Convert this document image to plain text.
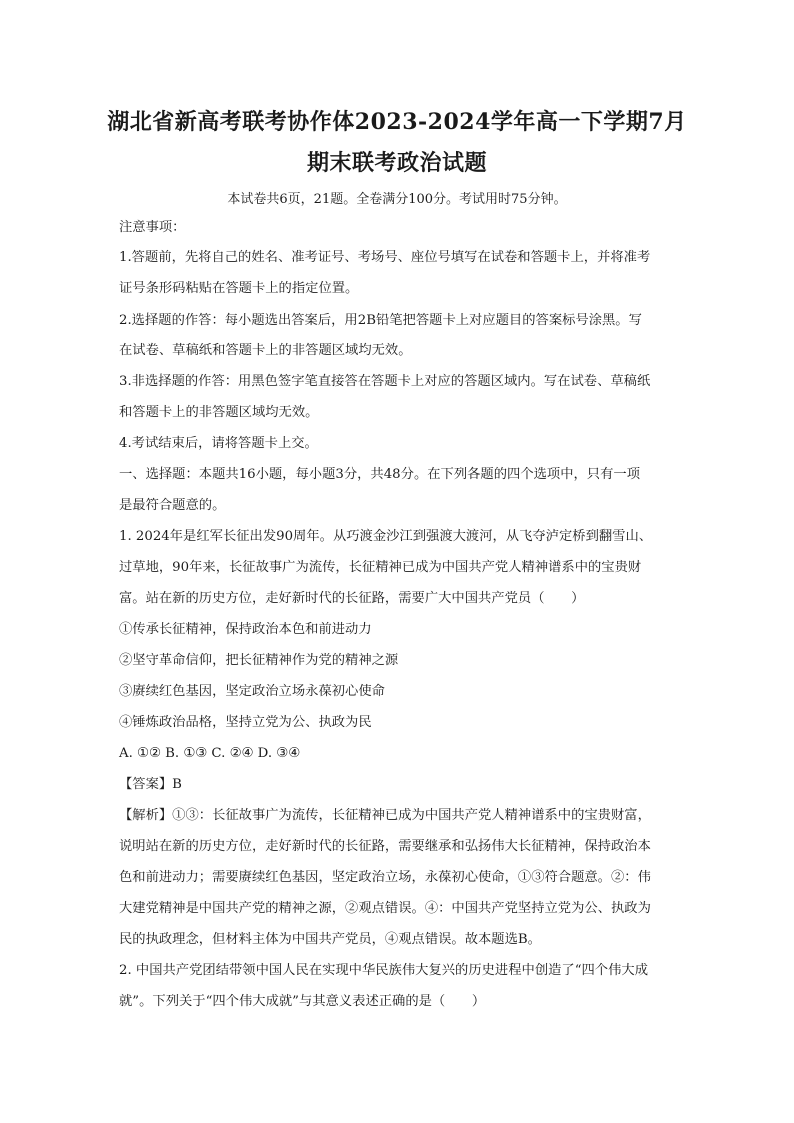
湖北省新高考联考协作体2023-2024学年高一下学期7月
期末联考政治试题
本试卷共6页，21题。全卷满分100分。考试用时75分钟。
注意事项：
1.答题前，先将自己的姓名、准考证号、考场号、座位号填写在试卷和答题卡上，并将准考
证号条形码粘贴在答题卡上的指定位置。
2.选择题的作答：每小题选出答案后，用2B铅笔把答题卡上对应题目的答案标号涂黑。写
在试卷、草稿纸和答题卡上的非答题区域均无效。
3.非选择题的作答：用黑色签字笔直接答在答题卡上对应的答题区域内。写在试卷、草稿纸
和答题卡上的非答题区域均无效。
4.考试结束后，请将答题卡上交。
一、选择题：本题共16小题，每小题3分，共48分。在下列各题的四个选项中，只有一项
是最符合题意的。
1. 2024年是红军长征出发90周年。从巧渡金沙江到强渡大渡河，从飞夺泸定桥到翻雪山、
过草地，90年来，长征故事广为流传，长征精神已成为中国共产党人精神谱系中的宝贵财
富。站在新的历史方位，走好新时代的长征路，需要广大中国共产党员（　　）
①传承长征精神，保持政治本色和前进动力
②坚守革命信仰，把长征精神作为党的精神之源
③赓续红色基因，坚定政治立场永葆初心使命
④锤炼政治品格，坚持立党为公、执政为民
A. ①② B. ①③ C. ②④ D. ③④
【答案】B
【解析】①③：长征故事广为流传，长征精神已成为中国共产党人精神谱系中的宝贵财富，
说明站在新的历史方位，走好新时代的长征路，需要继承和弘扬伟大长征精神，保持政治本
色和前进动力；需要赓续红色基因，坚定政治立场，永葆初心使命，①③符合题意。②：伟
大建党精神是中国共产党的精神之源，②观点错误。④：中国共产党坚持立党为公、执政为
民的执政理念，但材料主体为中国共产党员，④观点错误。故本题选B。
2. 中国共产党团结带领中国人民在实现中华民族伟大复兴的历史进程中创造了“四个伟大成
就”。下列关于“四个伟大成就”与其意义表述正确的是（　　）
